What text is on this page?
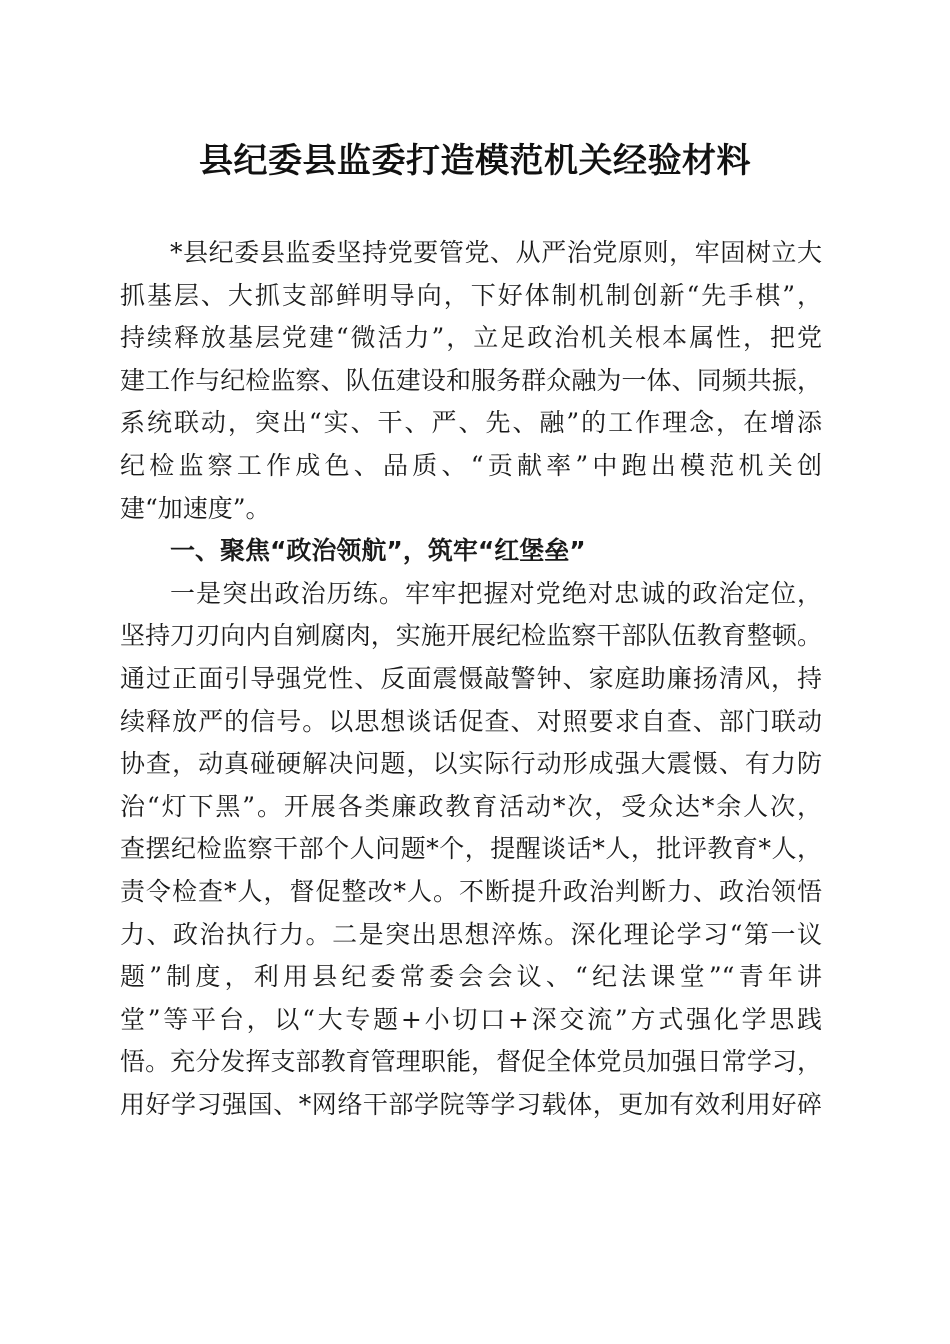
县纪委县监委打造模范机关经验材料
*县纪委县监委坚持党要管党、从严治党原则，牢固树立大
抓基层、大抓支部鲜明导向，下好体制机制创新“先手棋”，
持续释放基层党建“微活力”，立足政治机关根本属性，把党
建工作与纪检监察、队伍建设和服务群众融为一体、同频共振，
系统联动，突出“实、干、严、先、融”的工作理念，在增添
纪检监察工作成色、品质、“贡献率”中跑出模范机关创
建“加速度”。
一、聚焦“政治领航”，筑牢“红堡垒”
一是突出政治历练。牢牢把握对党绝对忠诚的政治定位，
坚持刀刃向内自剜腐肉，实施开展纪检监察干部队伍教育整顿。
通过正面引导强党性、反面震慑敲警钟、家庭助廉扬清风，持
续释放严的信号。以思想谈话促查、对照要求自查、部门联动
协查，动真碰硬解决问题，以实际行动形成强大震慑、有力防
治“灯下黑”。开展各类廉政教育活动*次，受众达*余人次，
查摆纪检监察干部个人问题*个，提醒谈话*人，批评教育*人，
责令检查*人，督促整改*人。不断提升政治判断力、政治领悟
力、政治执行力。二是突出思想淬炼。深化理论学习“第一议
题”制度，利用县纪委常委会会议、“纪法课堂”“青年讲
堂”等平台，以“大专题+小切口+深交流”方式强化学思践
悟。充分发挥支部教育管理职能，督促全体党员加强日常学习，
用好学习强国、*网络干部学院等学习载体，更加有效利用好碎
